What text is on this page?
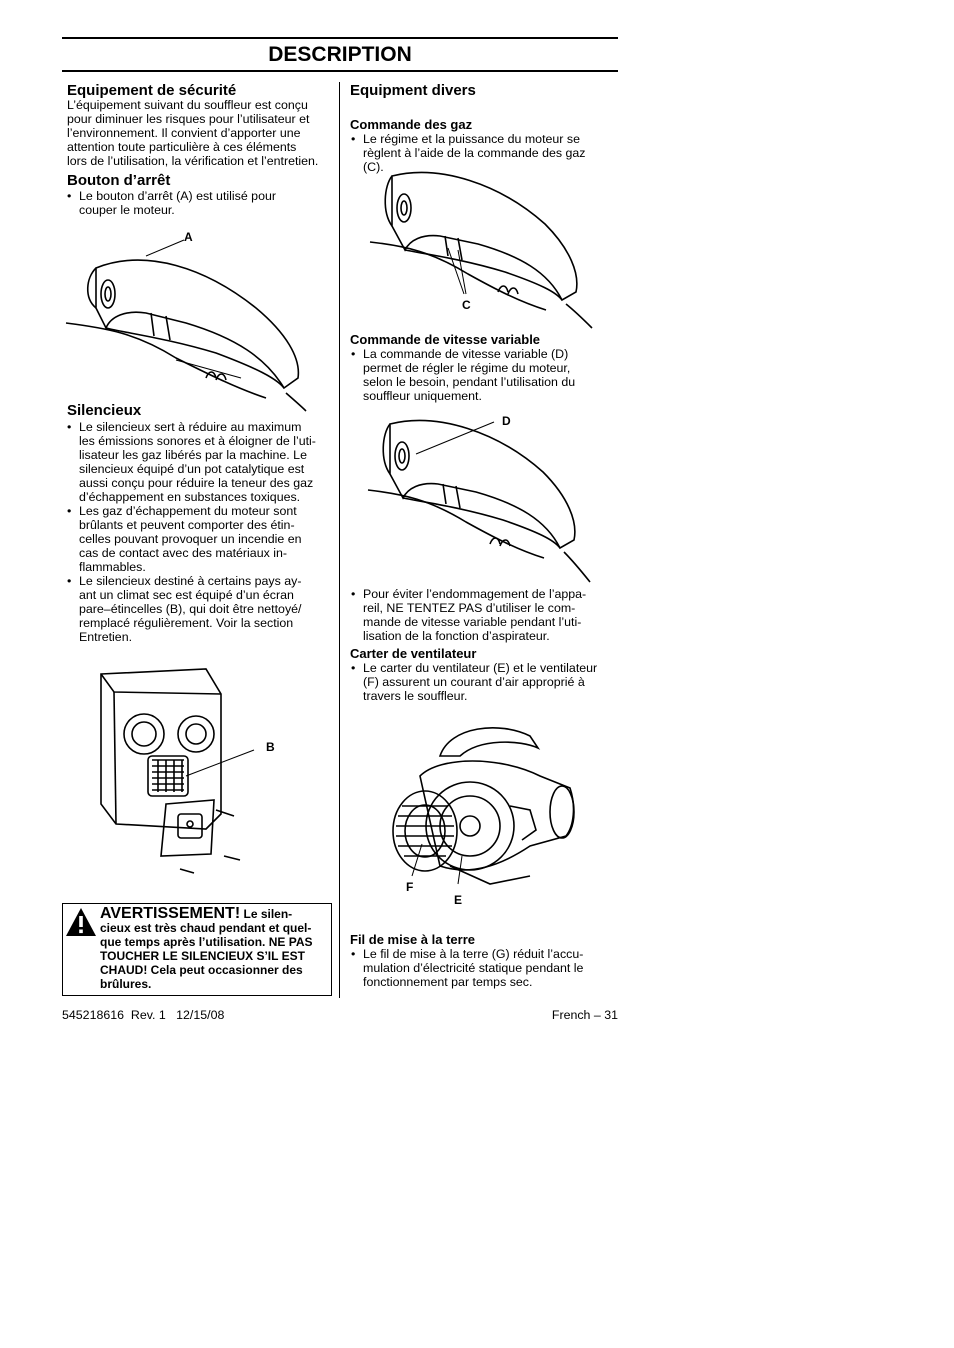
DESCRIPTION
Equipement de sécurité
L’équipement suivant du souffleur est conçu
pour diminuer les risques pour l’utilisateur et
l’environnement. Il convient d’apporter une
attention toute particulière à ces éléments
lors de l’utilisation, la vérification et l’entretien.
Bouton d’arrêt
• Le bouton d’arrêt (A) est utilisé pour
couper le moteur.
A
Silencieux
• Le silencieux sert à réduire au maximum
les émissions sonores et à éloigner de l’uti-
lisateur les gaz libérés par la machine. Le
silencieux équipé d’un pot catalytique est
aussi conçu pour réduire la teneur des gaz
d’échappement en substances toxiques.
• Les gaz d’échappement du moteur sont
brûlants et peuvent comporter des étin-
celles pouvant provoquer un incendie en
cas de contact avec des matériaux in-
flammables.
• Le silencieux destiné à certains pays ay-
ant un climat sec est équipé d’un écran
pare–étincelles (B), qui doit être nettoyé/
remplacé régulièrement. Voir la section
Entretien.
B
AVERTISSEMENT! Le silen-
cieux est très chaud pendant et quel-
que temps après l’utilisation. NE PAS
TOUCHER LE SILENCIEUX S’IL EST
CHAUD! Cela peut occasionner des
brûlures.
Equipment divers
Commande des gaz
• Le régime et la puissance du moteur se
règlent à l’aide de la commande des gaz
(C).
C
Commande de vitesse variable
• La commande de vitesse variable (D)
permet de régler le régime du moteur,
selon le besoin, pendant l’utilisation du
souffleur uniquement.
D
• Pour éviter l’endommagement de l’appa-
reil, NE TENTEZ PAS d’utiliser le com-
mande de vitesse variable pendant l’uti-
lisation de la fonction d’aspirateur.
Carter de ventilateur
• Le carter du ventilateur (E) et le ventilateur
(F) assurent un courant d’air approprié à
travers le souffleur.
F
E
Fil de mise à la terre
• Le fil de mise à la terre (G) réduit l’accu-
mulation d’électricité statique pendant le
fonctionnement par temps sec.
545218616  Rev. 1   12/15/08	French – 31
